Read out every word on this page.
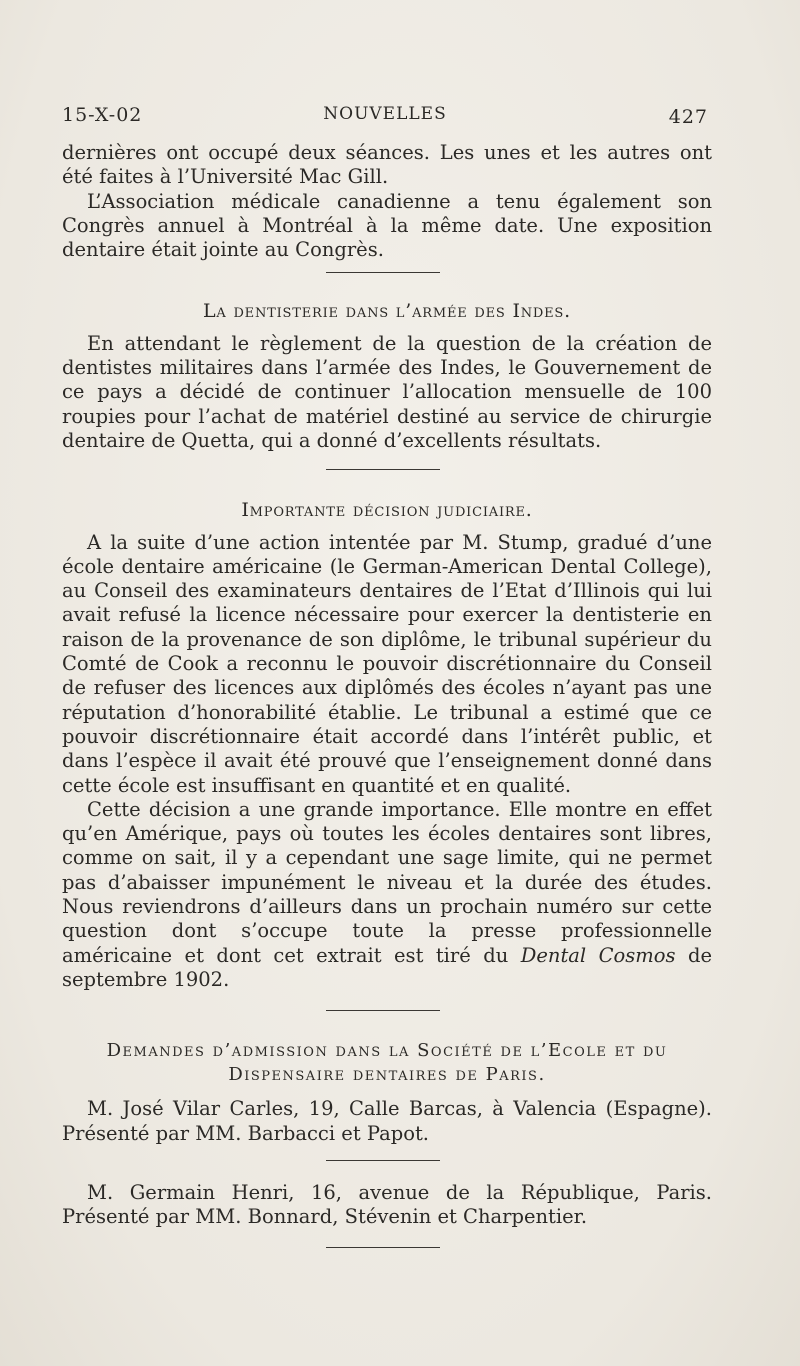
15-X-02	NOUVELLES	427

dernières ont occupé deux séances. Les unes et les autres ont été faites à l’Université Mac Gill.

L’Association médicale canadienne a tenu également son Congrès annuel à Montréal à la même date. Une exposition dentaire était jointe au Congrès.

La dentisterie dans l’armée des Indes.

En attendant le règlement de la question de la création de dentistes militaires dans l’armée des Indes, le Gouvernement de ce pays a décidé de continuer l’allocation mensuelle de 100 roupies pour l’achat de matériel destiné au service de chirurgie dentaire de Quetta, qui a donné d’excellents résultats.

Importante décision judiciaire.

A la suite d’une action intentée par M. Stump, gradué d’une école dentaire américaine (le German-American Dental College), au Conseil des examinateurs dentaires de l’Etat d’Illinois qui lui avait refusé la licence nécessaire pour exercer la dentisterie en raison de la provenance de son diplôme, le tribunal supérieur du Comté de Cook a reconnu le pouvoir discrétionnaire du Conseil de refuser des licences aux diplômés des écoles n’ayant pas une réputation d’honorabilité établie. Le tribunal a estimé que ce pouvoir discrétionnaire était accordé dans l’intérêt public, et dans l’espèce il avait été prouvé que l’enseignement donné dans cette école est insuffisant en quantité et en qualité.

Cette décision a une grande importance. Elle montre en effet qu’en Amérique, pays où toutes les écoles dentaires sont libres, comme on sait, il y a cependant une sage limite, qui ne permet pas d’abaisser impunément le niveau et la durée des études. Nous reviendrons d’ailleurs dans un prochain numéro sur cette question dont s’occupe toute la presse professionnelle américaine et dont cet extrait est tiré du Dental Cosmos de septembre 1902.

Demandes d’admission dans la Société de l’Ecole et du
Dispensaire dentaires de Paris.

M. José Vilar Carles, 19, Calle Barcas, à Valencia (Espagne). Présenté par MM. Barbacci et Papot.

M. Germain Henri, 16, avenue de la République, Paris. Présenté par MM. Bonnard, Stévenin et Charpentier.
